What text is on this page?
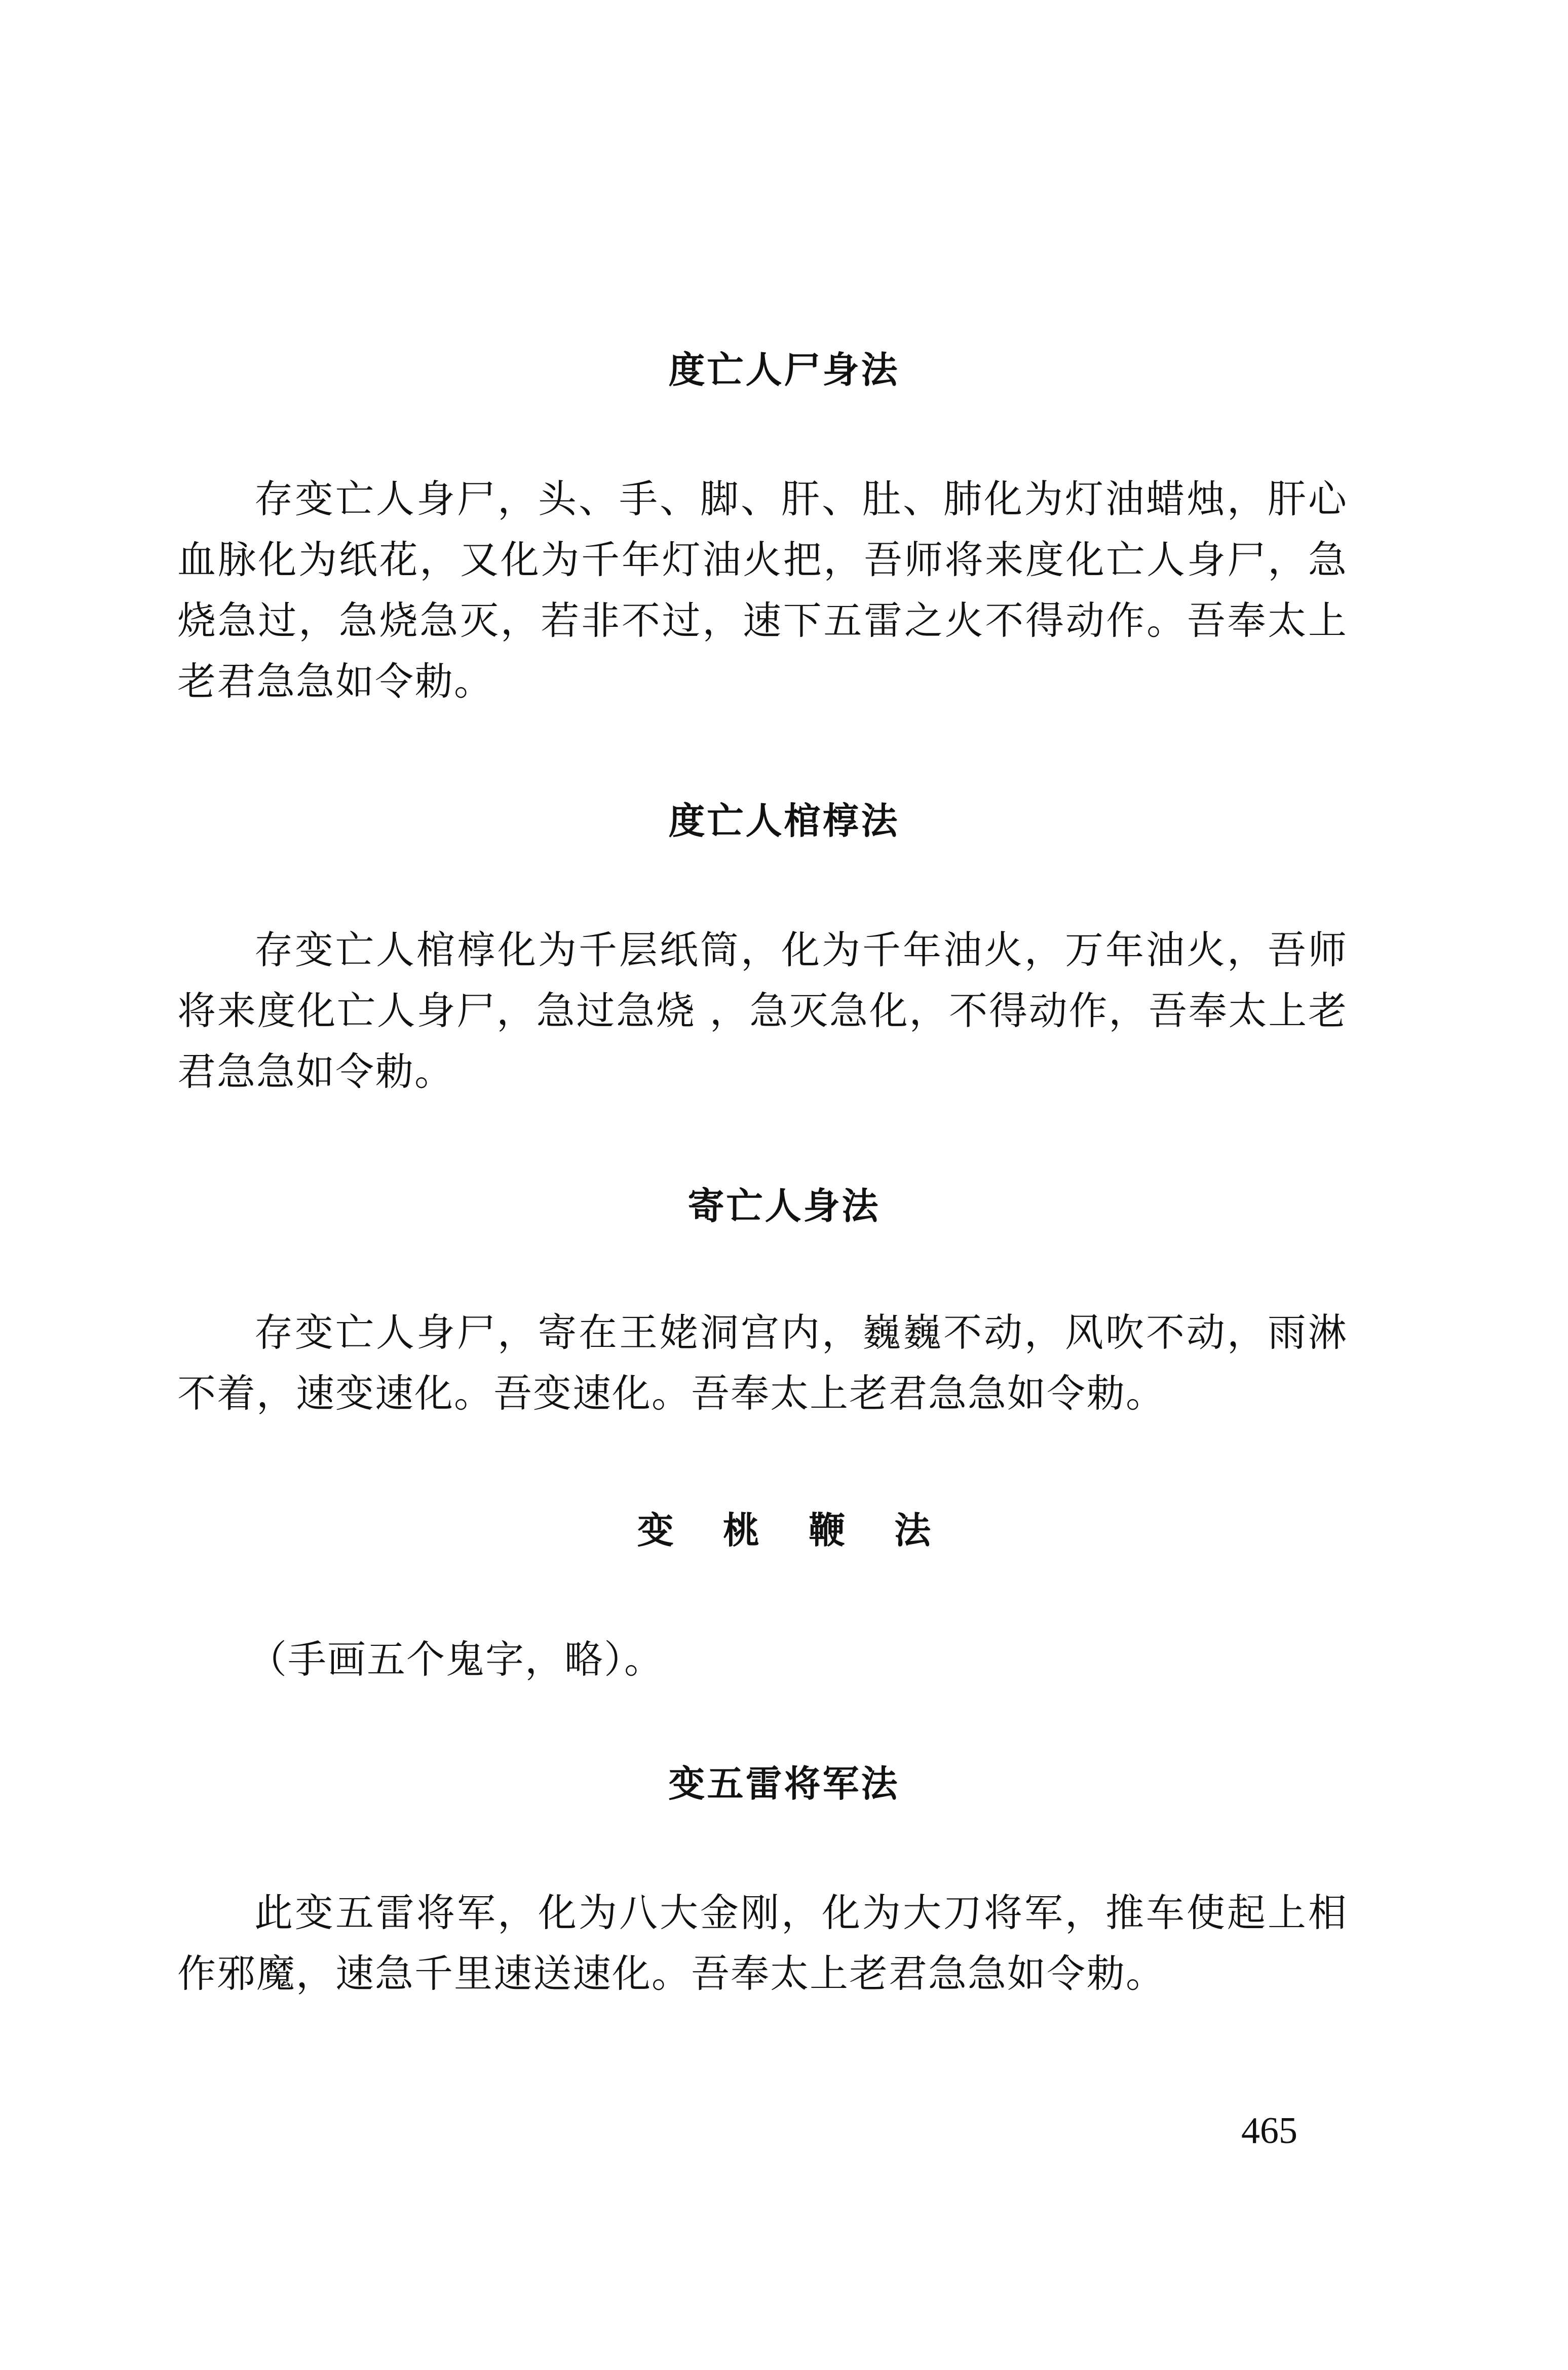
度亡人尸身法

存变亡人身尸，头、手、脚、肝、肚、肺化为灯油蜡烛，肝心血脉化为纸花，又化为千年灯油火把，吾师将来度化亡人身尸，急烧急过，急烧急灭，若非不过，速下五雷之火不得动作。吾奉太上老君急急如令勅。

度亡人棺椁法

存变亡人棺椁化为千层纸筒，化为千年油火，万年油火，吾师将来度化亡人身尸，急过急烧 ，急灭急化，不得动作，吾奉太上老君急急如令勅。

寄亡人身法

存变亡人身尸，寄在王姥洞宫内，巍巍不动，风吹不动，雨淋不着，速变速化。吾变速化。吾奉太上老君急急如令勅。

变 桃 鞭 法

（手画五个鬼字，略）。

变五雷将军法

此变五雷将军，化为八大金刚，化为大刀将军，推车使起上相作邪魔，速急千里速送速化。吾奉太上老君急急如令勅。

465
